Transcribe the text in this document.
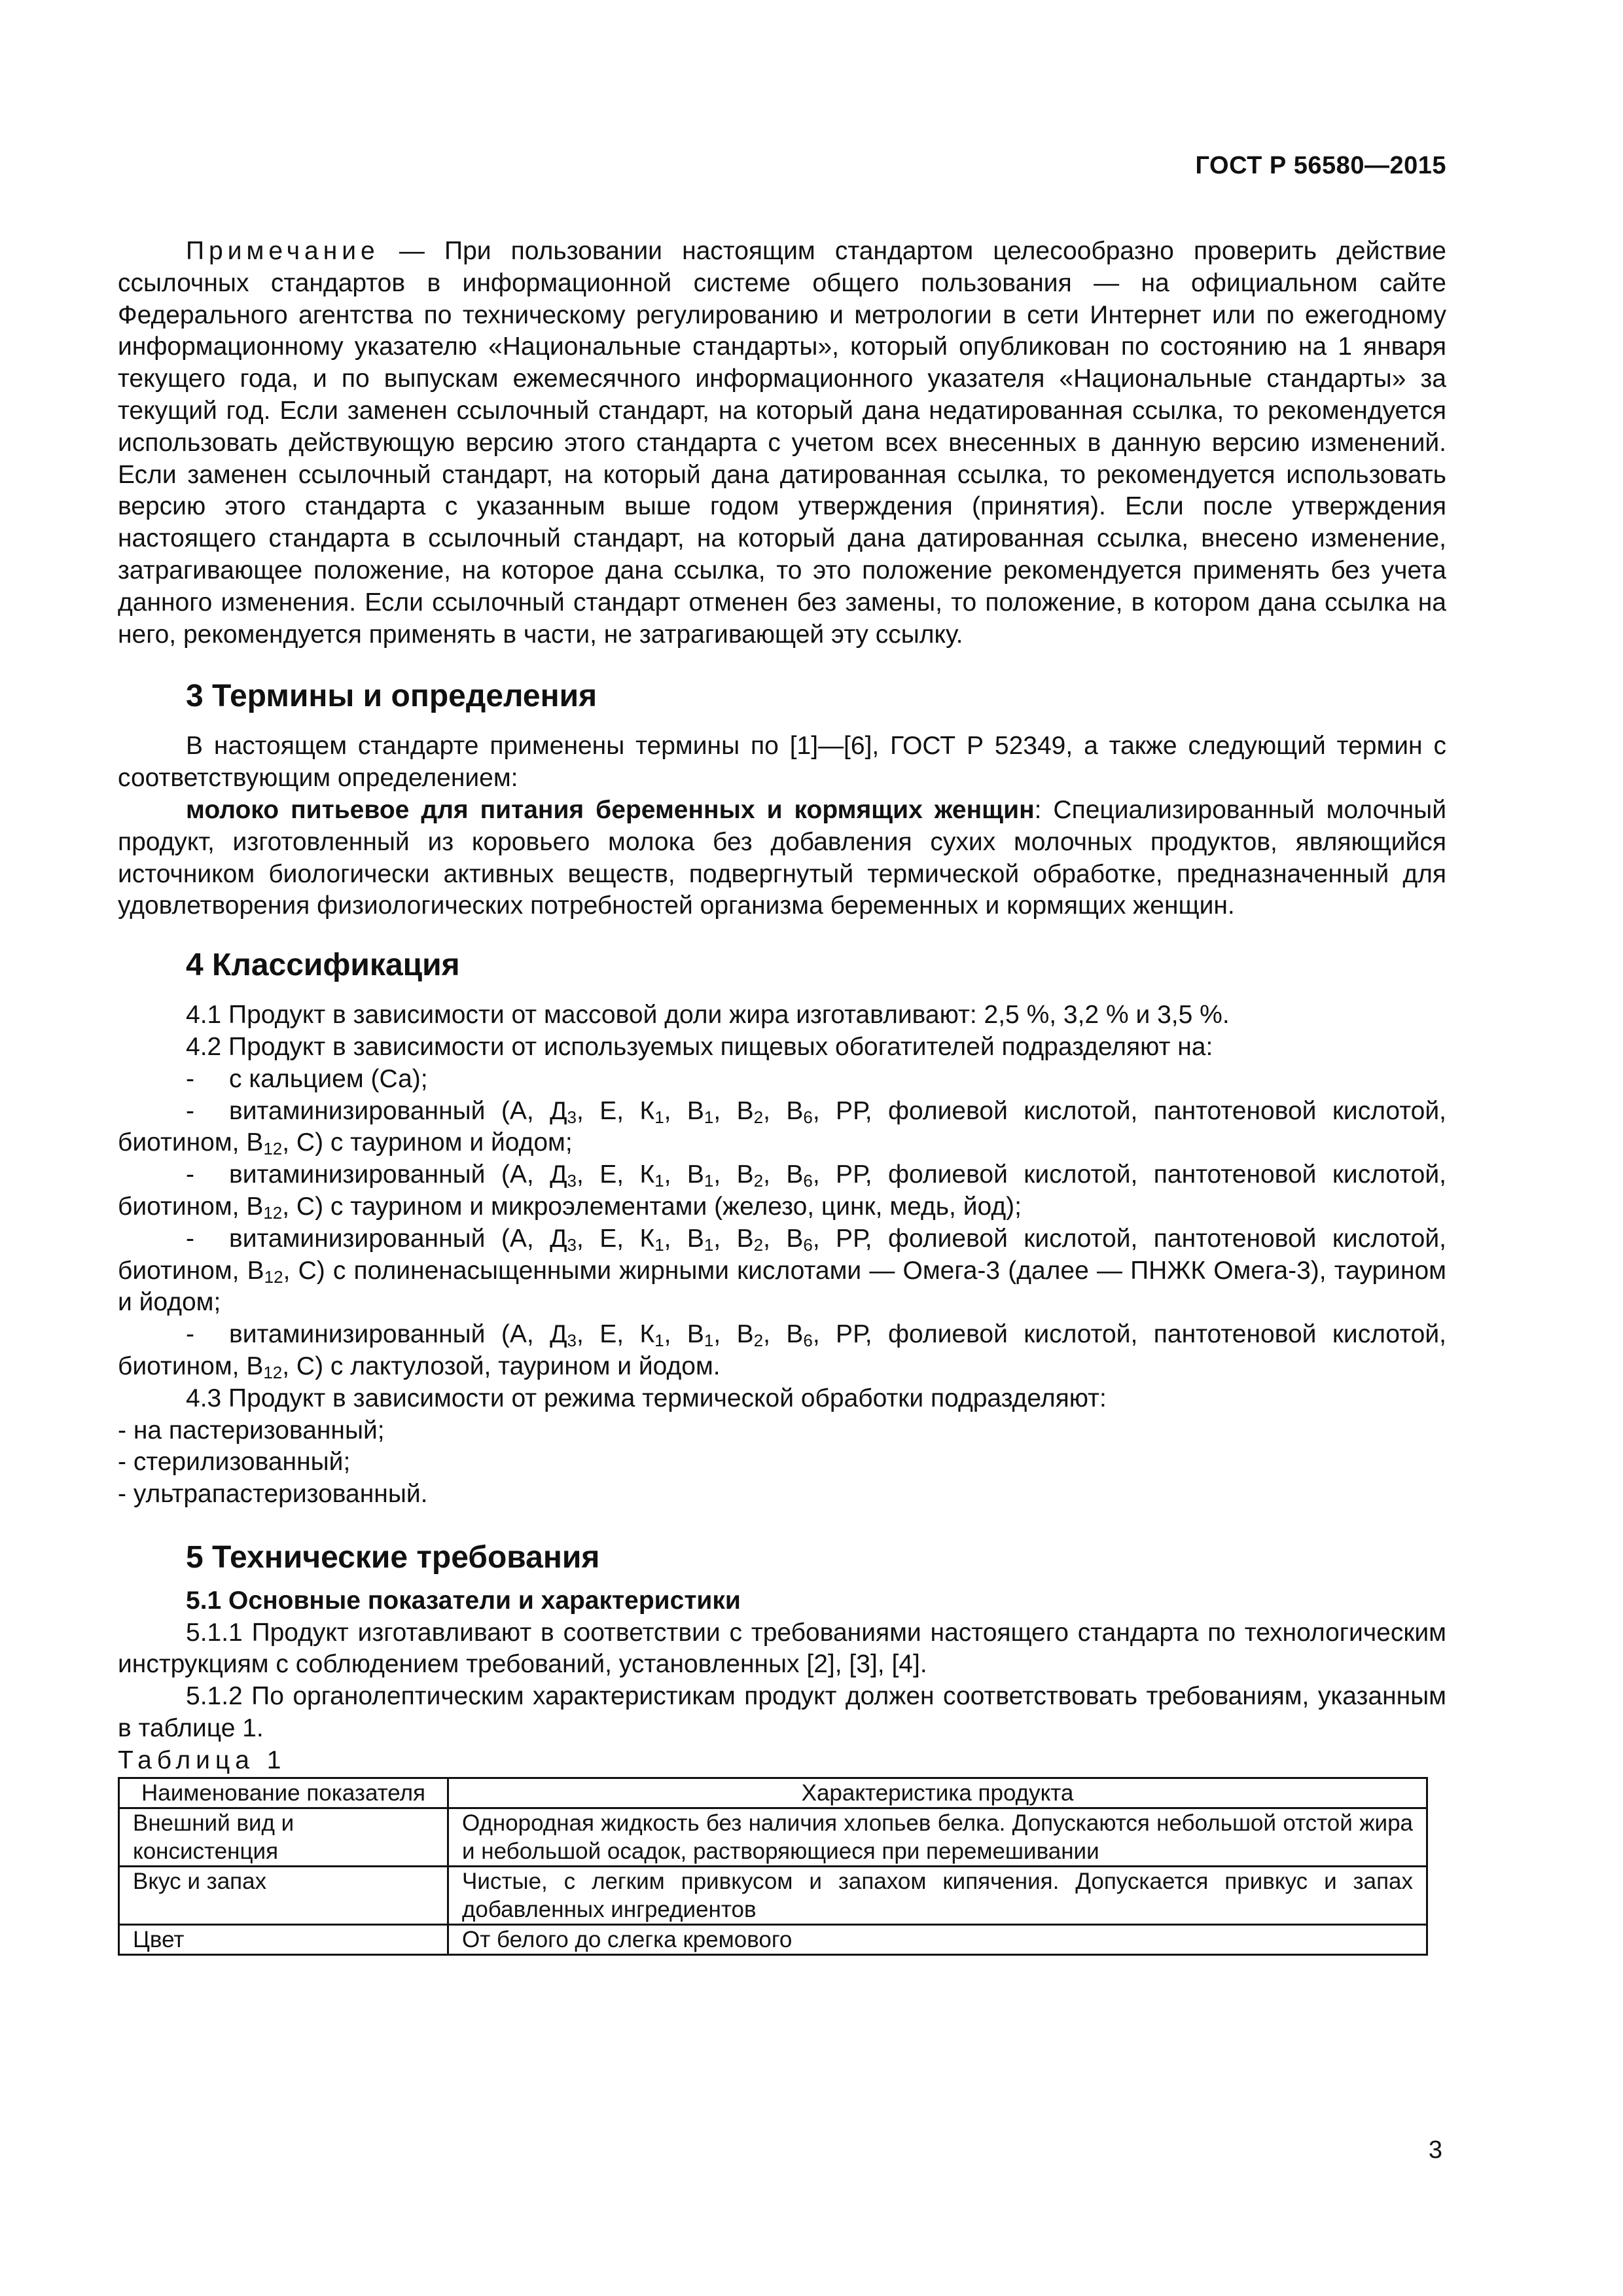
ГОСТ Р 56580—2015

Примечание — При пользовании настоящим стандартом целесообразно проверить действие ссылочных стандартов в информационной системе общего пользования — на официальном сайте Федерального агентства по техническому регулированию и метрологии в сети Интернет или по ежегодному информационному указателю «Национальные стандарты», который опубликован по состоянию на 1 января текущего года, и по выпускам ежемесячного информационного указателя «Национальные стандарты» за текущий год. Если заменен ссылочный стандарт, на который дана недатированная ссылка, то рекомендуется использовать действующую версию этого стандарта с учетом всех внесенных в данную версию изменений. Если заменен ссылочный стандарт, на который дана датированная ссылка, то рекомендуется использовать версию этого стандарта с указанным выше годом утверждения (принятия). Если после утверждения настоящего стандарта в ссылочный стандарт, на который дана датированная ссылка, внесено изменение, затрагивающее положение, на которое дана ссылка, то это положение рекомендуется применять без учета данного изменения. Если ссылочный стандарт отменен без замены, то положение, в котором дана ссылка на него, рекомендуется применять в части, не затрагивающей эту ссылку.

3 Термины и определения

В настоящем стандарте применены термины по [1]—[6], ГОСТ Р 52349, а также следующий термин с соответствующим определением:

молоко питьевое для питания беременных и кормящих женщин: Специализированный молочный продукт, изготовленный из коровьего молока без добавления сухих молочных продуктов, являющийся источником биологически активных веществ, подвергнутый термической обработке, предназначенный для удовлетворения физиологических потребностей организма беременных и кормящих женщин.

4 Классификация

4.1 Продукт в зависимости от массовой доли жира изготавливают: 2,5 %, 3,2 % и 3,5 %.

4.2 Продукт в зависимости от используемых пищевых обогатителей подразделяют на:

- с кальцием (Са);

- витаминизированный (А, $Д_3$, Е, $К_1$, $В_1$, $В_2$, $В_6$, РР, фолиевой кислотой, пантотеновой кислотой, биотином, $В_{12}$, С) с таурином и йодом;

- витаминизированный (А, $Д_3$, Е, $К_1$, $В_1$, $В_2$, $В_6$, РР, фолиевой кислотой, пантотеновой кислотой, биотином, $В_{12}$, С) с таурином и микроэлементами (железо, цинк, медь, йод);

- витаминизированный (А, $Д_3$, Е, $К_1$, $В_1$, $В_2$, $В_6$, РР, фолиевой кислотой, пантотеновой кислотой, биотином, $В_{12}$, С) с полиненасыщенными жирными кислотами — Омега-3 (далее — ПНЖК Омега-3), таурином и йодом;

- витаминизированный (А, $Д_3$, Е, $К_1$, $В_1$, $В_2$, $В_6$, РР, фолиевой кислотой, пантотеновой кислотой, биотином, $В_{12}$, С) с лактулозой, таурином и йодом.

4.3 Продукт в зависимости от режима термической обработки подразделяют:

- на пастеризованный;

- стерилизованный;

- ультрапастеризованный.

5 Технические требования

5.1 Основные показатели и характеристики

5.1.1 Продукт изготавливают в соответствии с требованиями настоящего стандарта по технологическим инструкциям с соблюдением требований, установленных [2], [3], [4].

5.1.2 По органолептическим характеристикам продукт должен соответствовать требованиям, указанным в таблице 1.

Таблица 1

Наименование показателя	Характеристика продукта
Внешний вид и консистенция	Однородная жидкость без наличия хлопьев белка. Допускаются небольшой отстой жира и небольшой осадок, растворяющиеся при перемешивании
Вкус и запах	Чистые, с легким привкусом и запахом кипячения. Допускается привкус и запах добавленных ингредиентов
Цвет	От белого до слегка кремового
3
